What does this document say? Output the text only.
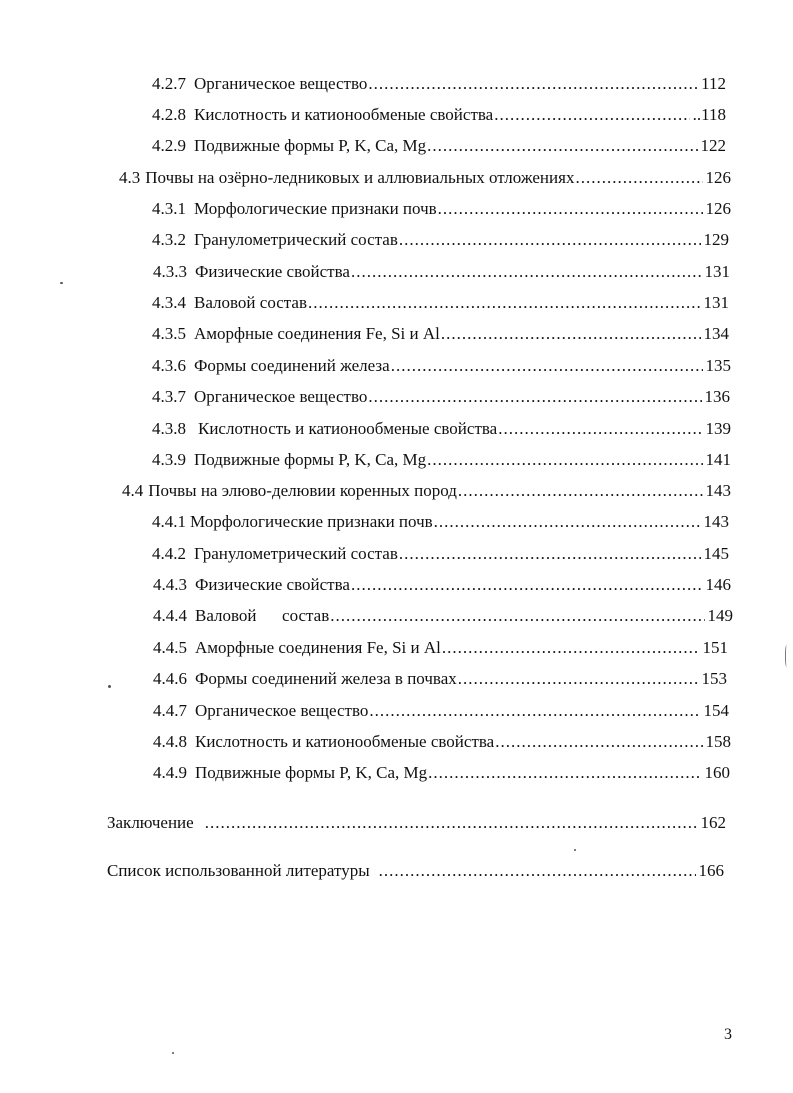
4.2.7 Органическое вещество .....	112
4.2.8 Кислотность и катионообменые свойства .....	..118
4.2.9 Подвижные формы P, K, Ca, Mg .....	122
4.3 Почвы на озёрно-ледниковых и аллювиальных отложениях .....	126
4.3.1 Морфологические признаки почв .....	126
4.3.2 Гранулометрический состав .....	129
4.3.3 Физические свойства .....	131
4.3.4 Валовой состав .....	131
4.3.5 Аморфные соединения Fe, Si и Al .....	134
4.3.6 Формы соединений железа .....	135
4.3.7 Органическое вещество .....	136
4.3.8 Кислотность и катионообменые свойства .....	139
4.3.9 Подвижные формы P, K, Ca, Mg .....	141
4.4 Почвы на элюво-делювии коренных пород .....	143
4.4.1 Морфологические признаки почв .....	143
4.4.2 Гранулометрический состав .....	145
4.4.3 Физические свойства .....	146
4.4.4 Валовой      состав .....	149
4.4.5 Аморфные соединения Fe, Si и Al .....	151
4.4.6 Формы соединений железа в почвах .....	153
4.4.7 Органическое вещество .....	154
4.4.8 Кислотность и катионообменые свойства .....	158
4.4.9 Подвижные формы P, K, Ca, Mg .....	160
Заключение .....	162
Список использованной литературы .....	166
3
